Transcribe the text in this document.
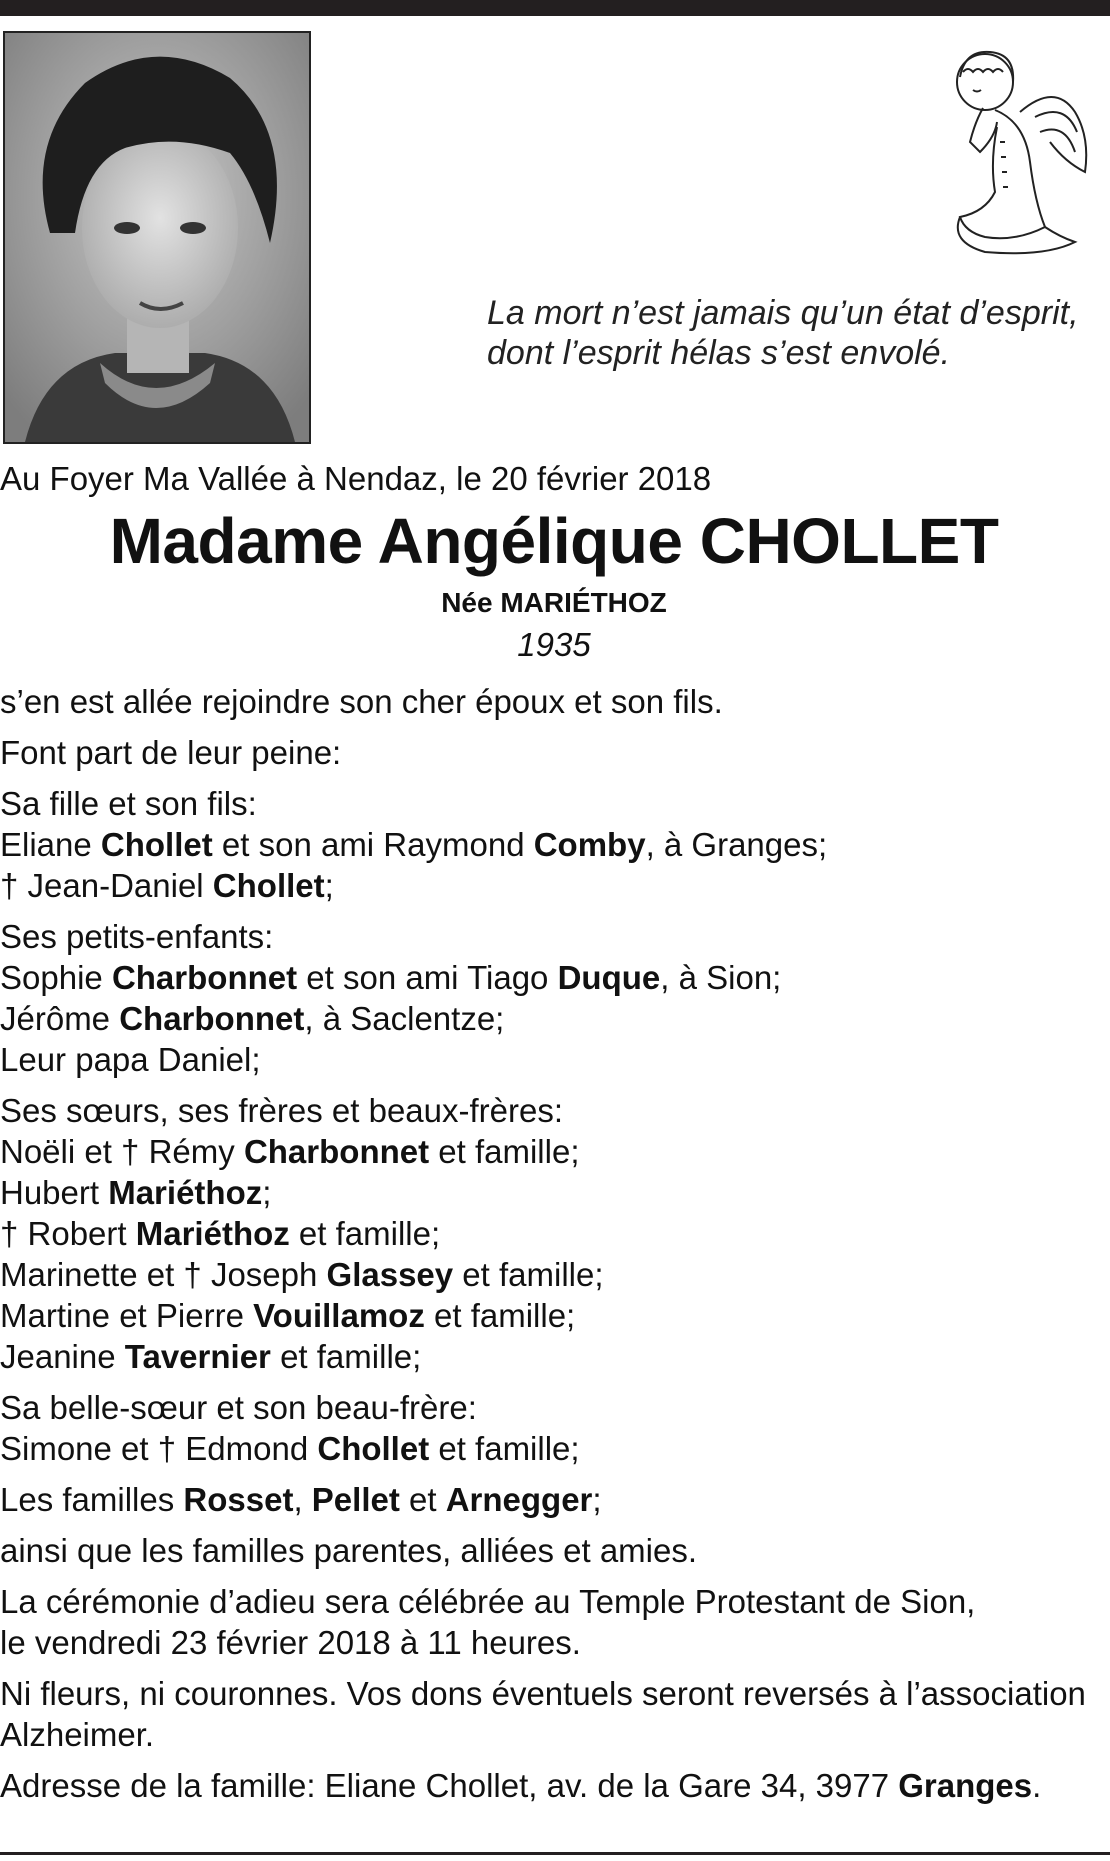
La mort n’est jamais qu’un état d’esprit,
dont l’esprit hélas s’est envolé.

Au Foyer Ma Vallée à Nendaz, le 20 février 2018

Madame Angélique CHOLLET

Née MARIÉTHOZ

1935

s’en est allée rejoindre son cher époux et son fils.

Font part de leur peine:

Sa fille et son fils:
Eliane Chollet et son ami Raymond Comby, à Granges;
† Jean-Daniel Chollet;

Ses petits-enfants:
Sophie Charbonnet et son ami Tiago Duque, à Sion;
Jérôme Charbonnet, à Saclentze;
Leur papa Daniel;

Ses sœurs, ses frères et beaux-frères:
Noëli et † Rémy Charbonnet et famille;
Hubert Mariéthoz;
† Robert Mariéthoz et famille;
Marinette et † Joseph Glassey et famille;
Martine et Pierre Vouillamoz et famille;
Jeanine Tavernier et famille;

Sa belle-sœur et son beau-frère:
Simone et † Edmond Chollet et famille;

Les familles Rosset, Pellet et Arnegger;

ainsi que les familles parentes, alliées et amies.

La cérémonie d’adieu sera célébrée au Temple Protestant de Sion,
le vendredi 23 février 2018 à 11 heures.

Ni fleurs, ni couronnes. Vos dons éventuels seront reversés à l’association Alzheimer.

Adresse de la famille: Eliane Chollet, av. de la Gare 34, 3977 Granges.
